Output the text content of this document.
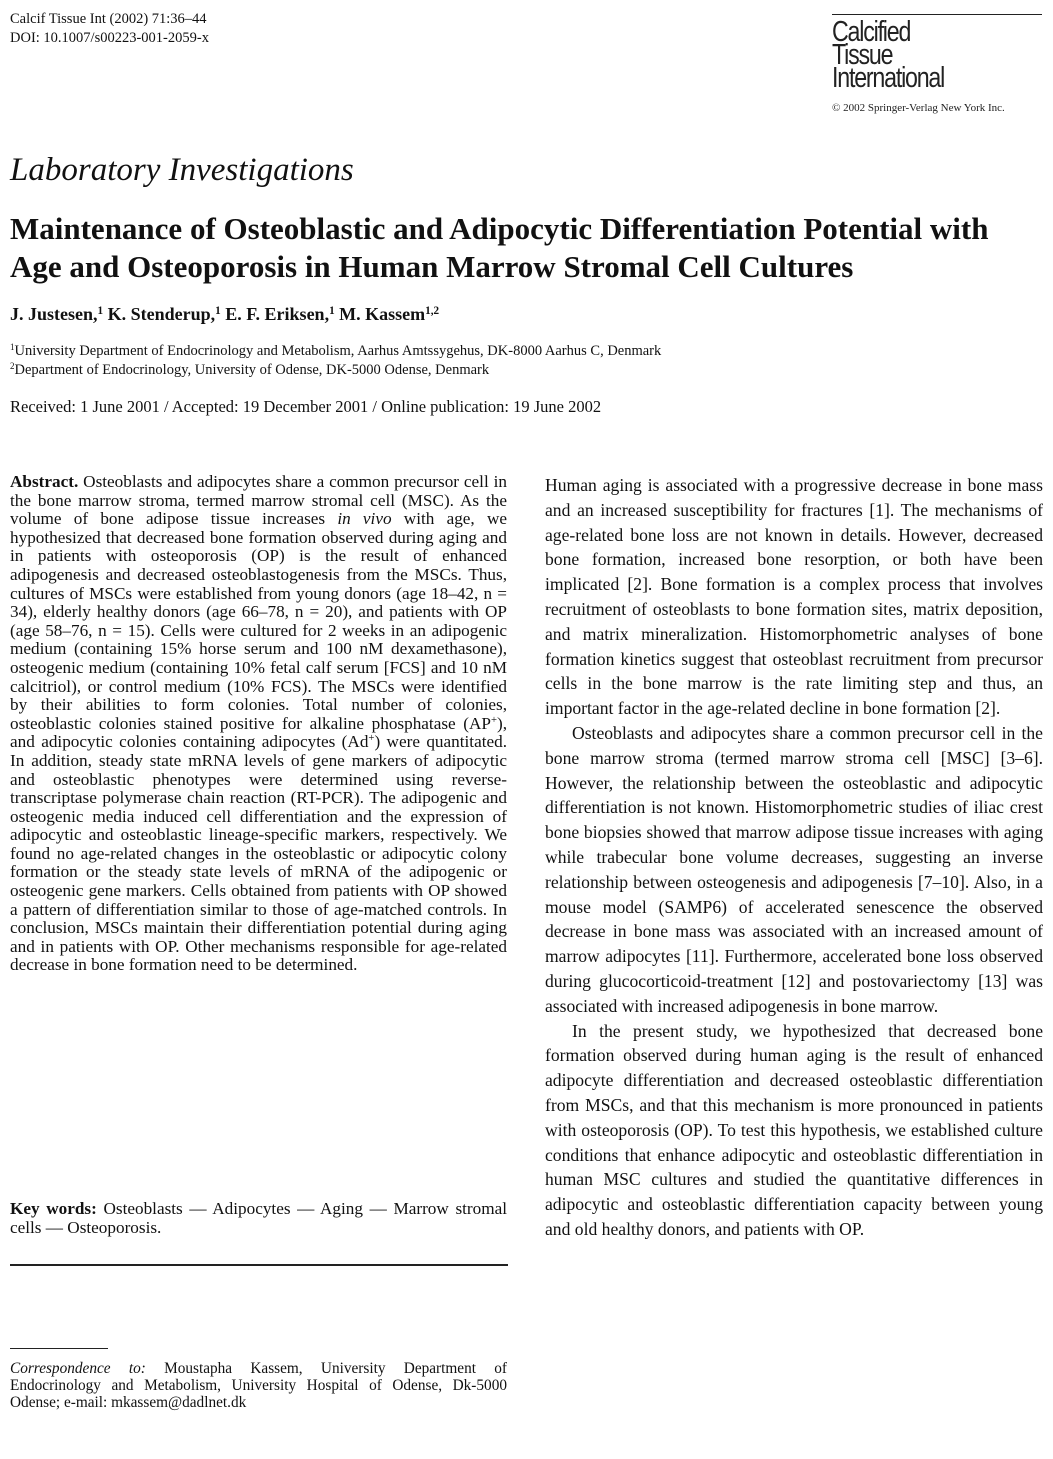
Calcif Tissue Int (2002) 71:36–44
DOI: 10.1007/s00223-001-2059-x	Calcified
Tissue
International
© 2002 Springer-Verlag New York Inc.
Laboratory Investigations
Maintenance of Osteoblastic and Adipocytic Differentiation Potential with Age and Osteoporosis in Human Marrow Stromal Cell Cultures
J. Justesen,$^1$ K. Stenderup,$^1$ E. F. Eriksen,$^1$ M. Kassem$^{1,2}$
$^1$University Department of Endocrinology and Metabolism, Aarhus Amtssygehus, DK-8000 Aarhus C, Denmark
$^2$Department of Endocrinology, University of Odense, DK-5000 Odense, Denmark
Received: 1 June 2001 / Accepted: 19 December 2001 / Online publication: 19 June 2002
Abstract. Osteoblasts and adipocytes share a common precursor cell in the bone marrow stroma, termed marrow stromal cell (MSC). As the volume of bone adipose tissue increases in vivo with age, we hypothesized that decreased bone formation observed during aging and in patients with osteoporosis (OP) is the result of enhanced adipogenesis and decreased osteoblastogenesis from the MSCs. Thus, cultures of MSCs were established from young donors (age 18–42, n = 34), elderly healthy donors (age 66–78, n = 20), and patients with OP (age 58–76, n = 15). Cells were cultured for 2 weeks in an adipogenic medium (containing 15% horse serum and 100 nM dexamethasone), osteogenic medium (containing 10% fetal calf serum [FCS] and 10 nM calcitriol), or control medium (10% FCS). The MSCs were identified by their abilities to form colonies. Total number of colonies, osteoblastic colonies stained positive for alkaline phosphatase (AP+), and adipocytic colonies containing adipocytes (Ad+) were quantitated. In addition, steady state mRNA levels of gene markers of adipocytic and osteoblastic phenotypes were determined using reverse-transcriptase polymerase chain reaction (RT-PCR). The adipogenic and osteogenic media induced cell differentiation and the expression of adipocytic and osteoblastic lineage-specific markers, respectively. We found no age-related changes in the osteoblastic or adipocytic colony formation or the steady state levels of mRNA of the adipogenic or osteogenic gene markers. Cells obtained from patients with OP showed a pattern of differentiation similar to those of age-matched controls. In conclusion, MSCs maintain their differentiation potential during aging and in patients with OP. Other mechanisms responsible for age-related decrease in bone formation need to be determined.
Key words: Osteoblasts — Adipocytes — Aging — Marrow stromal cells — Osteoporosis.
Correspondence to: Moustapha Kassem, University Department of Endocrinology and Metabolism, University Hospital of Odense, Dk-5000 Odense; e-mail: mkassem@dadlnet.dk

Human aging is associated with a progressive decrease in bone mass and an increased susceptibility for fractures [1]. The mechanisms of age-related bone loss are not known in details. However, decreased bone formation, increased bone resorption, or both have been implicated [2]. Bone formation is a complex process that involves recruitment of osteoblasts to bone formation sites, matrix deposition, and matrix mineralization. Histomorphometric analyses of bone formation kinetics suggest that osteoblast recruitment from precursor cells in the bone marrow is the rate limiting step and thus, an important factor in the age-related decline in bone formation [2].

Osteoblasts and adipocytes share a common precursor cell in the bone marrow stroma (termed marrow stroma cell [MSC] [3–6]. However, the relationship between the osteoblastic and adipocytic differentiation is not known. Histomorphometric studies of iliac crest bone biopsies showed that marrow adipose tissue increases with aging while trabecular bone volume decreases, suggesting an inverse relationship between osteogenesis and adipogenesis [7–10]. Also, in a mouse model (SAMP6) of accelerated senescence the observed decrease in bone mass was associated with an increased amount of marrow adipocytes [11]. Furthermore, accelerated bone loss observed during glucocorticoid-treatment [12] and postovariectomy [13] was associated with increased adipogenesis in bone marrow.

In the present study, we hypothesized that decreased bone formation observed during human aging is the result of enhanced adipocyte differentiation and decreased osteoblastic differentiation from MSCs, and that this mechanism is more pronounced in patients with osteoporosis (OP). To test this hypothesis, we established culture conditions that enhance adipocytic and osteoblastic differentiation in human MSC cultures and studied the quantitative differences in adipocytic and osteoblastic differentiation capacity between young and old healthy donors, and patients with OP.
